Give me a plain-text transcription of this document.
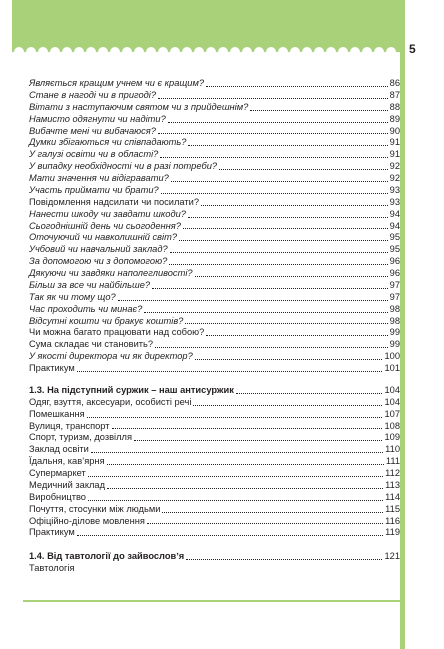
5
Являється кращим учнем чи є кращим?	86
Стане в нагоді чи в пригоді?	87
Вітати з наступаючим святом чи з прийдешнім?	88
Намисто одягнути чи надіти?	89
Вибачте мені чи вибачаюся?	90
Думки збігаються чи співпадають?	91
У галузі освіти чи в області?	91
У випадку необхідності чи в разі потреби?	92
Мати значення чи відігравати?	92
Участь приймати чи брати?	93
Повідомлення надсилати чи посилати?	93
Нанести шкоду чи завдати шкоди?	94
Сьогоднішній день чи сьогодення?	94
Оточуючий чи навколишній світ?	95
Учбовий чи навчальний заклад?	95
За допомогою чи з допомогою?	96
Дякуючи чи завдяки наполегливості?	96
Більш за все чи найбільше?	97
Так як чи тому що?	97
Час проходить чи минає?	98
Відсутні кошти чи бракує коштів?	98
Чи можна багато працювати над собою?	99
Сума складає чи становить?	99
У якості директора чи як директор?	100
Практикум	101
1.3. На підступний суржик – наш антисуржик	104
Одяг, взуття, аксесуари, особисті речі	104
Помешкання	107
Вулиця, транспорт	108
Спорт, туризм, дозвілля	109
Заклад освіти	110
Їдальня, кав’ярня	111
Супермаркет	112
Медичний заклад	113
Виробництво	114
Почуття, стосунки між людьми	115
Офіційно-ділове мовлення	116
Практикум	119
1.4. Від тавтології до зайвословʼя	121
Тавтологія
